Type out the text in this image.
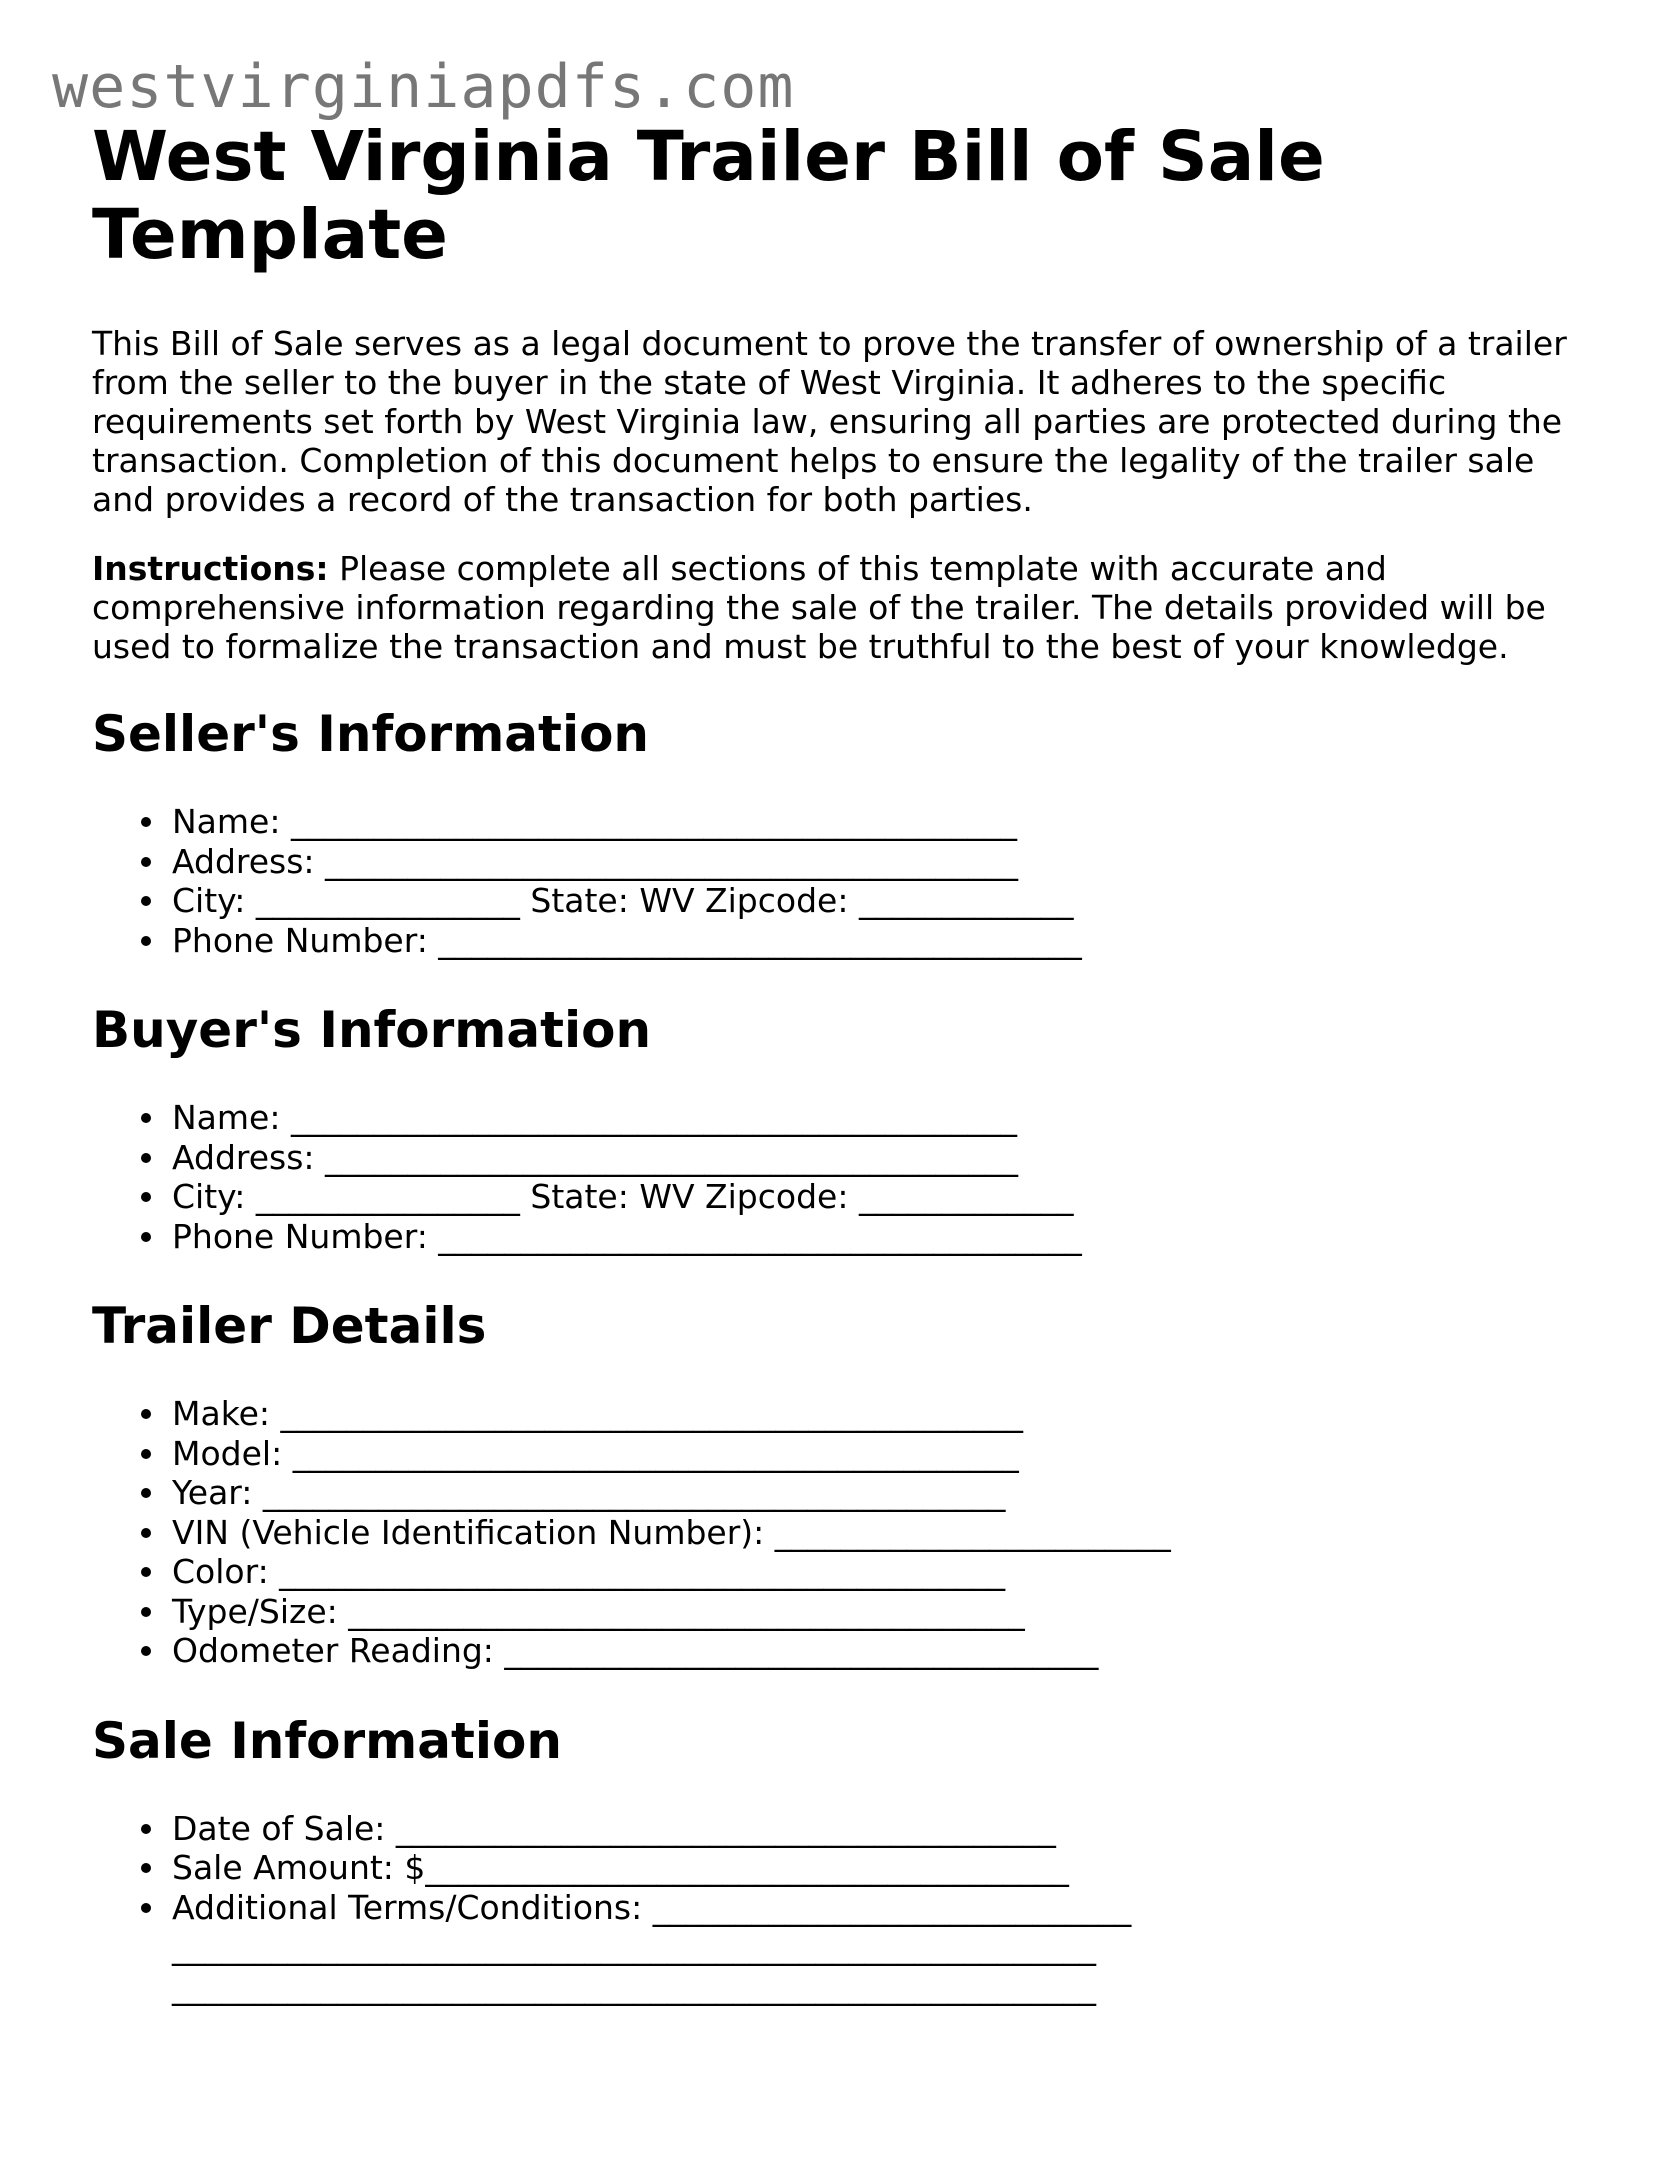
westvirginiapdfs.com
West Virginia Trailer Bill of Sale Template

This Bill of Sale serves as a legal document to prove the transfer of ownership of a trailer from the seller to the buyer in the state of West Virginia. It adheres to the specific requirements set forth by West Virginia law, ensuring all parties are protected during the transaction. Completion of this document helps to ensure the legality of the trailer sale and provides a record of the transaction for both parties.

Instructions: Please complete all sections of this template with accurate and comprehensive information regarding the sale of the trailer. The details provided will be used to formalize the transaction and must be truthful to the best of your knowledge.

Seller's Information
Name: ____________________________________________
Address: __________________________________________
City: ________________ State: WV Zipcode: _____________
Phone Number: _______________________________________
Buyer's Information
Name: ____________________________________________
Address: __________________________________________
City: ________________ State: WV Zipcode: _____________
Phone Number: _______________________________________
Trailer Details
Make: _____________________________________________
Model: ____________________________________________
Year: _____________________________________________
VIN (Vehicle Identification Number): ________________________
Color: ____________________________________________
Type/Size: _________________________________________
Odometer Reading: ____________________________________
Sale Information
Date of Sale: ________________________________________
Sale Amount: $_______________________________________
Additional Terms/Conditions: _____________________________
________________________________________________________
________________________________________________________
